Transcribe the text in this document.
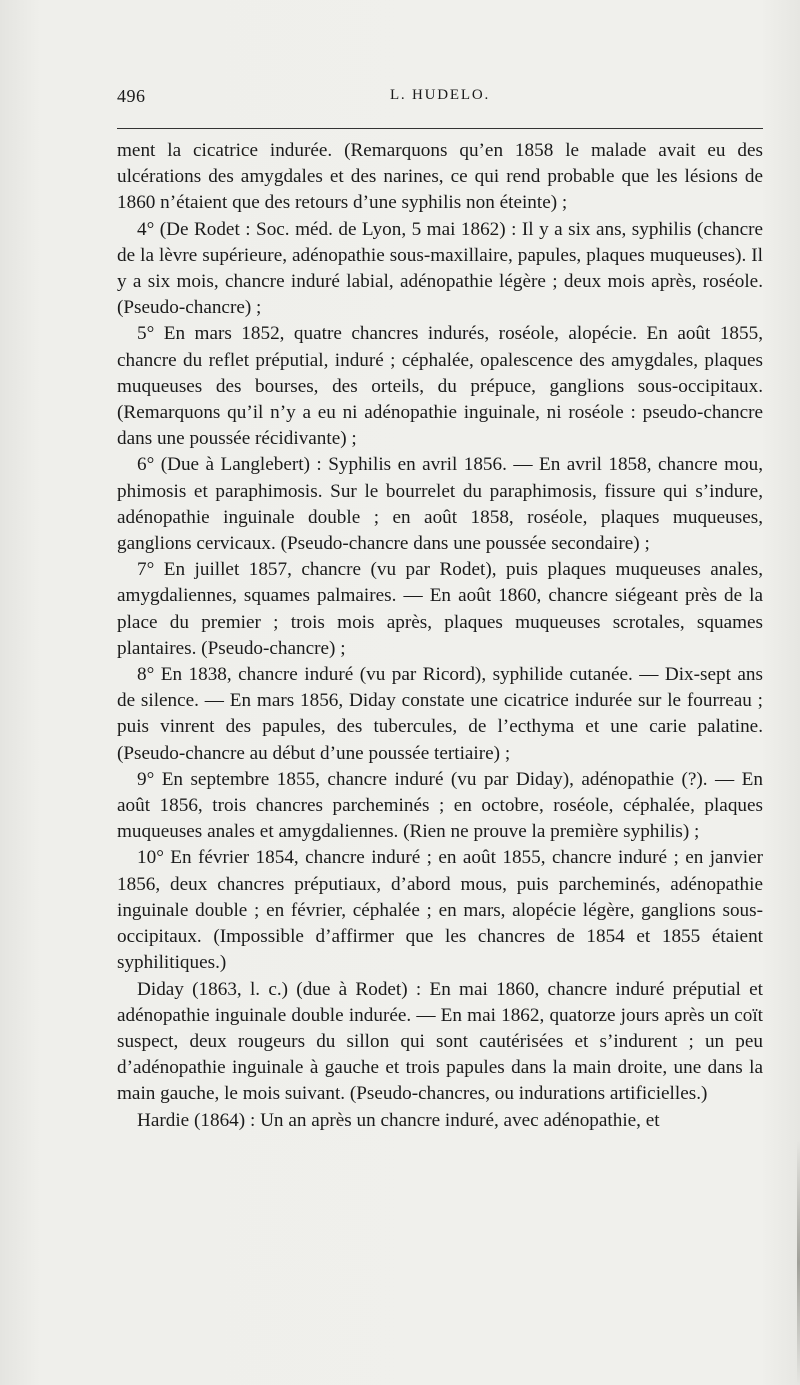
496	L. HUDELO.

ment la cicatrice indurée. (Remarquons qu’en 1858 le malade avait eu des ulcérations des amygdales et des narines, ce qui rend probable que les lésions de 1860 n’étaient que des retours d’une syphilis non éteinte) ;

4° (De Rodet : Soc. méd. de Lyon, 5 mai 1862) : Il y a six ans, syphilis (chancre de la lèvre supérieure, adénopathie sous-maxillaire, papules, plaques muqueuses). Il y a six mois, chancre induré labial, adénopathie légère ; deux mois après, roséole. (Pseudo-chancre) ;

5° En mars 1852, quatre chancres indurés, roséole, alopécie. En août 1855, chancre du reflet préputial, induré ; céphalée, opalescence des amygdales, plaques muqueuses des bourses, des orteils, du prépuce, ganglions sous-occipitaux. (Remarquons qu’il n’y a eu ni adénopathie inguinale, ni roséole : pseudo-chancre dans une poussée récidivante) ;

6° (Due à Langlebert) : Syphilis en avril 1856. — En avril 1858, chancre mou, phimosis et paraphimosis. Sur le bourrelet du paraphimosis, fissure qui s’indure, adénopathie inguinale double ; en août 1858, roséole, plaques muqueuses, ganglions cervicaux. (Pseudo-chancre dans une poussée secondaire) ;

7° En juillet 1857, chancre (vu par Rodet), puis plaques muqueuses anales, amygdaliennes, squames palmaires. — En août 1860, chancre siégeant près de la place du premier ; trois mois après, plaques muqueuses scrotales, squames plantaires. (Pseudo-chancre) ;

8° En 1838, chancre induré (vu par Ricord), syphilide cutanée. — Dix-sept ans de silence. — En mars 1856, Diday constate une cicatrice indurée sur le fourreau ; puis vinrent des papules, des tubercules, de l’ecthyma et une carie palatine. (Pseudo-chancre au début d’une poussée tertiaire) ;

9° En septembre 1855, chancre induré (vu par Diday), adénopathie (?). — En août 1856, trois chancres parcheminés ; en octobre, roséole, céphalée, plaques muqueuses anales et amygdaliennes. (Rien ne prouve la première syphilis) ;

10° En février 1854, chancre induré ; en août 1855, chancre induré ; en janvier 1856, deux chancres préputiaux, d’abord mous, puis parcheminés, adénopathie inguinale double ; en février, céphalée ; en mars, alopécie légère, ganglions sous-occipitaux. (Impossible d’affirmer que les chancres de 1854 et 1855 étaient syphilitiques.)

Diday (1863, l. c.) (due à Rodet) : En mai 1860, chancre induré préputial et adénopathie inguinale double indurée. — En mai 1862, quatorze jours après un coït suspect, deux rougeurs du sillon qui sont cautérisées et s’indurent ; un peu d’adénopathie inguinale à gauche et trois papules dans la main droite, une dans la main gauche, le mois suivant. (Pseudo-chancres, ou indurations artificielles.)

Hardie (1864) : Un an après un chancre induré, avec adénopathie, et
